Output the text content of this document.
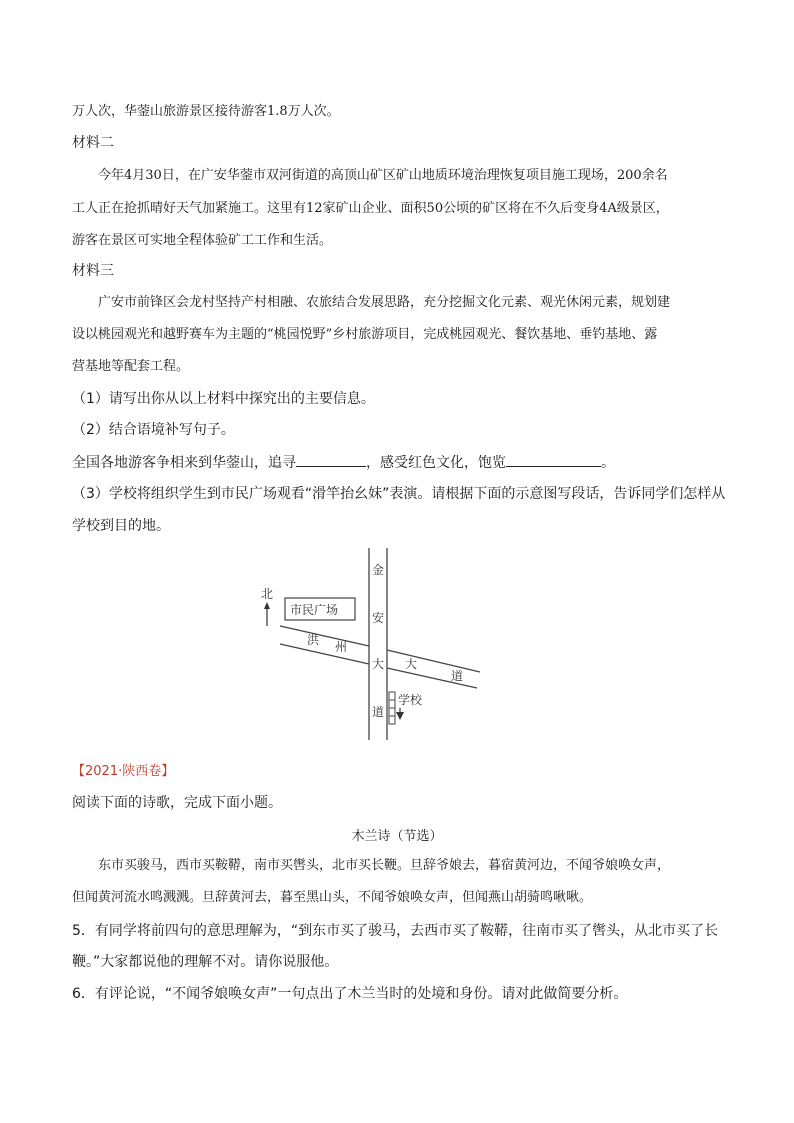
万人次，华蓥山旅游景区接待游客1.8万人次。
材料二
今年4月30日，在广安华蓥市双河街道的高顶山矿区矿山地质环境治理恢复项目施工现场，200余名
工人正在抢抓晴好天气加紧施工。这里有12家矿山企业、面积50公顷的矿区将在不久后变身4A级景区，
游客在景区可实地全程体验矿工工作和生活。
材料三
广安市前锋区会龙村坚持产村相融、农旅结合发展思路，充分挖掘文化元素、观光休闲元素，规划建
设以桃园观光和越野赛车为主题的“桃园悦野”乡村旅游项目，完成桃园观光、餐饮基地、垂钓基地、露
营基地等配套工程。
（1）请写出你从以上材料中探究出的主要信息。
（2）结合语境补写句子。
全国各地游客争相来到华蓥山，追寻	，感受红色文化，饱览	。
（3）学校将组织学生到市民广场观看“滑竿抬幺妹”表演。请根据下面的示意图写段话，告诉同学们怎样从
学校到目的地。
北
市民广场
金
安
大
道
洪 州
大
道
学校
【2021·陕西卷】
阅读下面的诗歌，完成下面小题。
木兰诗（节选）
东市买骏马，西市买鞍鞯，南市买辔头，北市买长鞭。旦辞爷娘去，暮宿黄河边，不闻爷娘唤女声，
但闻黄河流水鸣溅溅。旦辞黄河去，暮至黑山头，不闻爷娘唤女声，但闻燕山胡骑鸣啾啾。
5．有同学将前四句的意思理解为，“到东市买了骏马，去西市买了鞍鞯，往南市买了辔头，从北市买了长
鞭。”大家都说他的理解不对。请你说服他。
6．有评论说，“不闻爷娘唤女声”一句点出了木兰当时的处境和身份。请对此做简要分析。
